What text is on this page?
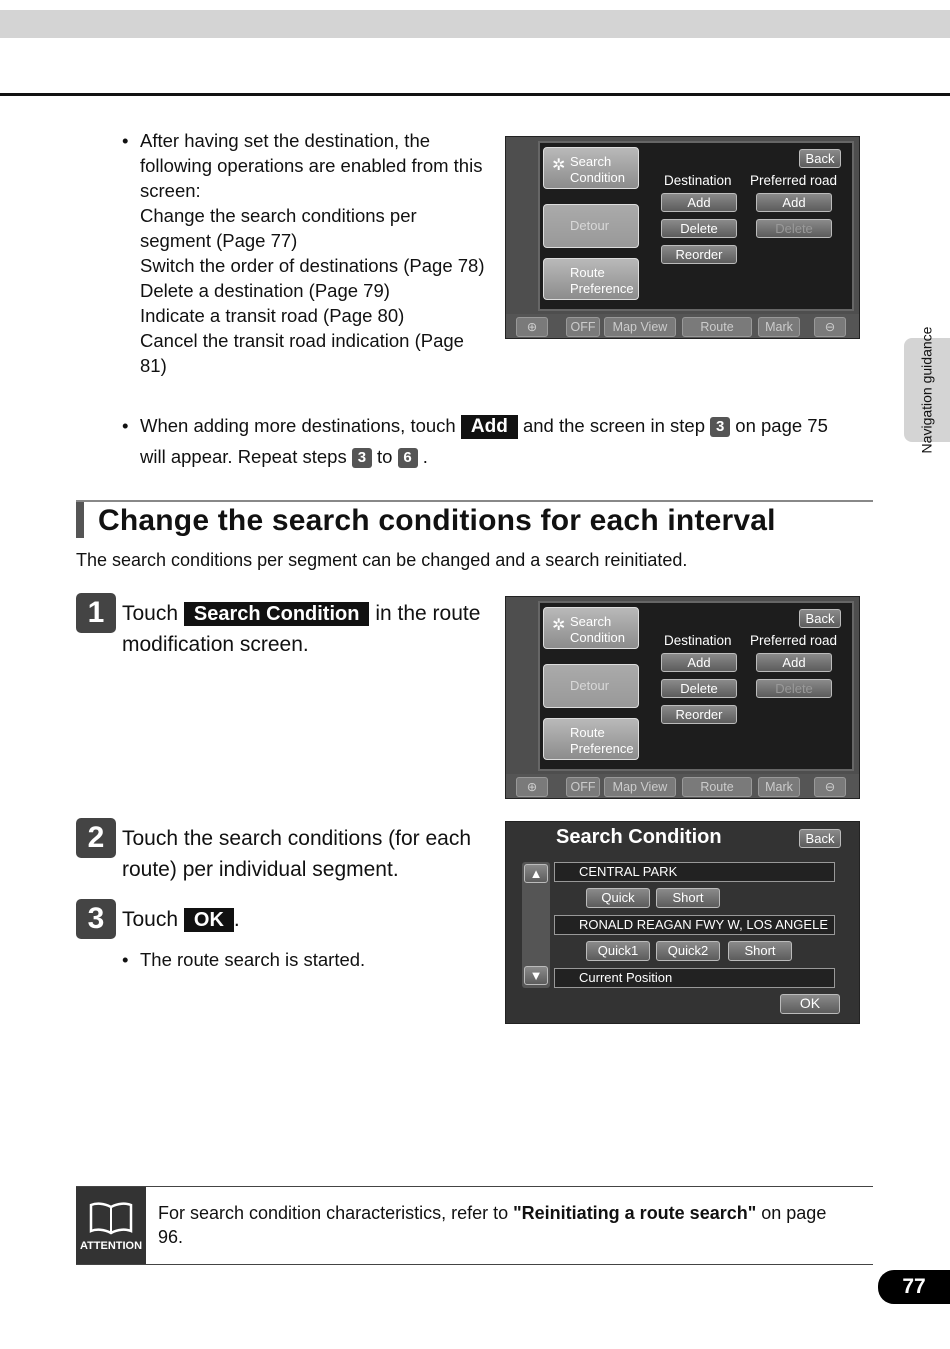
Navigation guidance
• After having set the destination, the following operations are enabled from this screen:
Change the search conditions per segment (Page 77)
Switch the order of destinations (Page 78)
Delete a destination (Page 79)
Indicate a transit road (Page 80)
Cancel the transit road indication (Page 81)
• When adding more destinations, touch Add and the screen in step 3 on page 75
will appear. Repeat steps 3 to 6 .
Search
Condition
✲
Detour
Route
Preference
Back
Destination Preferred road
Add	Add
Delete	Delete
Reorder
⊕	OFF	Map View	Route	Mark	⊖
Change the search conditions for each interval
The search conditions per segment can be changed and a search reinitiated.
1 Touch Search Condition in the route modification screen.
Search
Condition
✲
Detour
Route
Preference
Back
Destination Preferred road
Add	Add
Delete	Delete
Reorder
⊕	OFF	Map View	Route	Mark	⊖
2 Touch the search conditions (for each route) per individual segment.
3 Touch OK .
• The route search is started.
Search Condition	Back
▲
▼
CENTRAL PARK
Quick	Short
RONALD REAGAN FWY W, LOS ANGELE
Quick1	Quick2	Short
Current Position
OK
ATTENTION
For search condition characteristics, refer to "Reinitiating a route search" on page 96.
77
